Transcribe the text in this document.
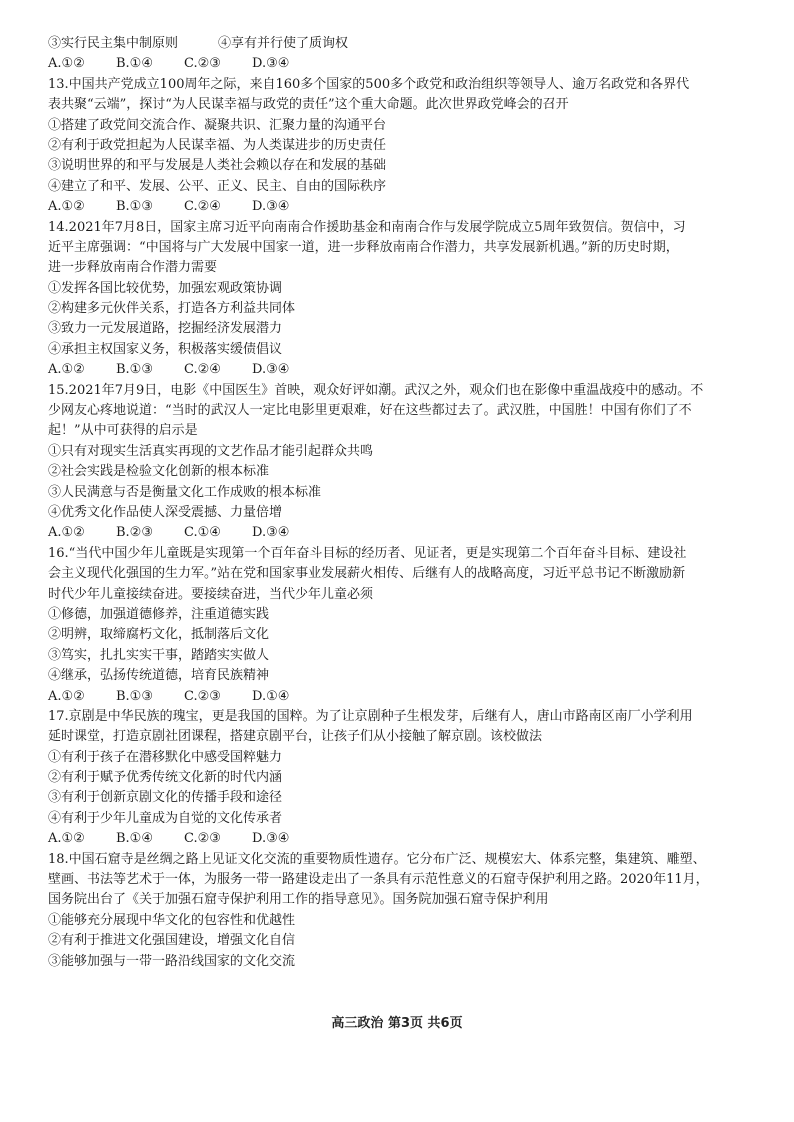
③实行民主集中制原则	④享有并行使了质询权
A.①② B.①④ C.②③ D.③④
13.中国共产党成立100周年之际，来自160多个国家的500多个政党和政治组织等领导人、逾万名政党和各界代
表共聚“云端”，探讨“为人民谋幸福与政党的责任”这个重大命题。此次世界政党峰会的召开
①搭建了政党间交流合作、凝聚共识、汇聚力量的沟通平台
②有利于政党担起为人民谋幸福、为人类谋进步的历史责任
③说明世界的和平与发展是人类社会赖以存在和发展的基础
④建立了和平、发展、公平、正义、民主、自由的国际秩序
A.①② B.①③ C.②④ D.③④
14.2021年7月8日，国家主席习近平向南南合作援助基金和南南合作与发展学院成立5周年致贺信。贺信中，习
近平主席强调：“中国将与广大发展中国家一道，进一步释放南南合作潜力，共享发展新机遇。”新的历史时期，
进一步释放南南合作潜力需要
①发挥各国比较优势，加强宏观政策协调
②构建多元伙伴关系，打造各方利益共同体
③致力一元发展道路，挖掘经济发展潜力
④承担主权国家义务，积极落实缓债倡议
A.①② B.①③ C.②④ D.③④
15.2021年7月9日，电影《中国医生》首映，观众好评如潮。武汉之外，观众们也在影像中重温战疫中的感动。不
少网友心疼地说道：“当时的武汉人一定比电影里更艰难，好在这些都过去了。武汉胜，中国胜！中国有你们了不
起！”从中可获得的启示是
①只有对现实生活真实再现的文艺作品才能引起群众共鸣
②社会实践是检验文化创新的根本标准
③人民满意与否是衡量文化工作成败的根本标准
④优秀文化作品使人深受震撼、力量倍增
A.①② B.②③ C.①④ D.③④
16.“当代中国少年儿童既是实现第一个百年奋斗目标的经历者、见证者，更是实现第二个百年奋斗目标、建设社
会主义现代化强国的生力军。”站在党和国家事业发展薪火相传、后继有人的战略高度，习近平总书记不断激励新
时代少年儿童接续奋进。要接续奋进，当代少年儿童必须
①修德，加强道德修养，注重道德实践
②明辨，取缔腐朽文化，抵制落后文化
③笃实，扎扎实实干事，踏踏实实做人
④继承，弘扬传统道德，培育民族精神
A.①② B.①③ C.②③ D.①④
17.京剧是中华民族的瑰宝，更是我国的国粹。为了让京剧种子生根发芽，后继有人，唐山市路南区南厂小学利用
延时课堂，打造京剧社团课程，搭建京剧平台，让孩子们从小接触了解京剧。该校做法
①有利于孩子在潜移默化中感受国粹魅力
②有利于赋予优秀传统文化新的时代内涵
③有利于创新京剧文化的传播手段和途径
④有利于少年儿童成为自觉的文化传承者
A.①② B.①④ C.②③ D.③④
18.中国石窟寺是丝绸之路上见证文化交流的重要物质性遗存。它分布广泛、规模宏大、体系完整，集建筑、雕塑、
壁画、书法等艺术于一体，为服务一带一路建设走出了一条具有示范性意义的石窟寺保护利用之路。2020年11月，
国务院出台了《关于加强石窟寺保护利用工作的指导意见》。国务院加强石窟寺保护利用
①能够充分展现中华文化的包容性和优越性
②有利于推进文化强国建设，增强文化自信
③能够加强与一带一路沿线国家的文化交流
高三政治 第3页 共6页
